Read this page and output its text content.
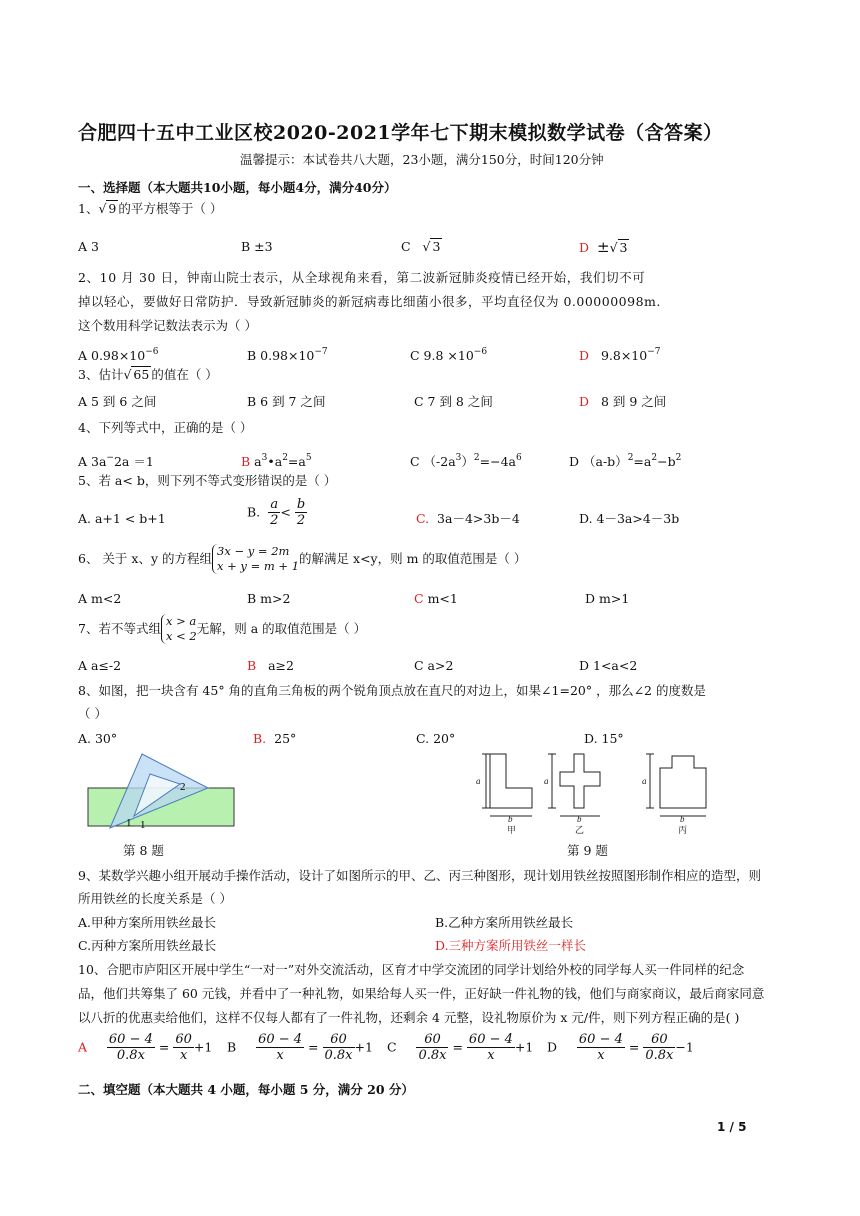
合肥四十五中工业区校2020-2021学年七下期末模拟数学试卷（含答案）
温馨提示：本试卷共八大题，23小题，满分150分，时间120分钟
一、选择题（本大题共10小题，每小题4分，满分40分）
1、√ 9 的平方根等于（ ）
A 3	B ±3	C √ 3	D ±√ 3
2、10 月 30 日，钟南山院士表示，从全球视角来看，第二波新冠肺炎疫情已经开始，我们切不可
掉以轻心，要做好日常防护．导致新冠肺炎的新冠病毒比细菌小很多，平均直径仅为 0.00000098m.
这个数用科学记数法表示为（ ）
A $0.98\times 10^{-6}$	B $0.98\times 10^{-7}$	C $9.8 \times 10^{-6}$	D $9.8\times 10^{-7}$
3、估计√ 65 的值在（ ）
A 5 到 6 之间	B 6 到 7 之间	C 7 到 8 之间	D 8 到 9 之间
4、下列等式中，正确的是（ ）
A 3a−2a ＝1	B $a^3•a^2=a^5$	C $(-2a^3)^2=-4a^6$	D $(a-b)^2=a^2-b^2$
5、若 a< b，则下列不等式变形错误的是（ ）
A. a+1 < b+1	B. $\frac{a}{2} < \frac{b}{2}$	C. 3a－4>3b－4	D. 4－3a>4－3b
6、 关于 x、y 的方程组 3x − y = 2m
x + y = m + 1 的解满足 x<y，则 m 的取值范围是（ ）
A m<2	B m>2	C m<1	D m>1
7、若不等式组 x > a
x < 2 无解，则 a 的取值范围是（ ）
A a≤-2	B a≥2	C a>2	D 1<a<2
8、如图，把一块含有 45° 角的直角三角板的两个锐角顶点放在直尺的对边上，如果∠1=20° ，那么∠2 的度数是
（ ）
A. 30°	B. 25°	C. 20°	D. 15°
2
1 1
第 8 题
a
b
a
b
a
b
甲	乙	丙
第 9 题
9、某数学兴趣小组开展动手操作活动，设计了如图所示的甲、乙、丙三种图形，现计划用铁丝按照图形制作相应的造型，则
所用铁丝的长度关系是（ ）
A.甲种方案所用铁丝最长	B.乙种方案所用铁丝最长
C.丙种方案所用铁丝最长	D.三种方案所用铁丝一样长
10、合肥市庐阳区开展中学生“一对一”对外交流活动，区育才中学交流团的同学计划给外校的同学每人买一件同样的纪念
品，他们共筹集了 60 元钱，并看中了一种礼物，如果给每人买一件，正好缺一件礼物的钱，他们与商家商议，最后商家同意
以八折的优惠卖给他们，这样不仅每人都有了一件礼物，还剩余 4 元整，设礼物原价为 x 元/件，则下列方程正确的是( )
A $\frac{60 - 4}{0.8x} = \frac{60}{x} +1$ B $\frac{60 - 4}{x} = \frac{60}{0.8x} +1$ C $\frac{60}{0.8x} = \frac{60 - 4}{x} +1$ D $\frac{60 - 4}{x} = \frac{60}{0.8x} -1$
二、填空题（本大题共 4 小题，每小题 5 分，满分 20 分）
1 / 5
